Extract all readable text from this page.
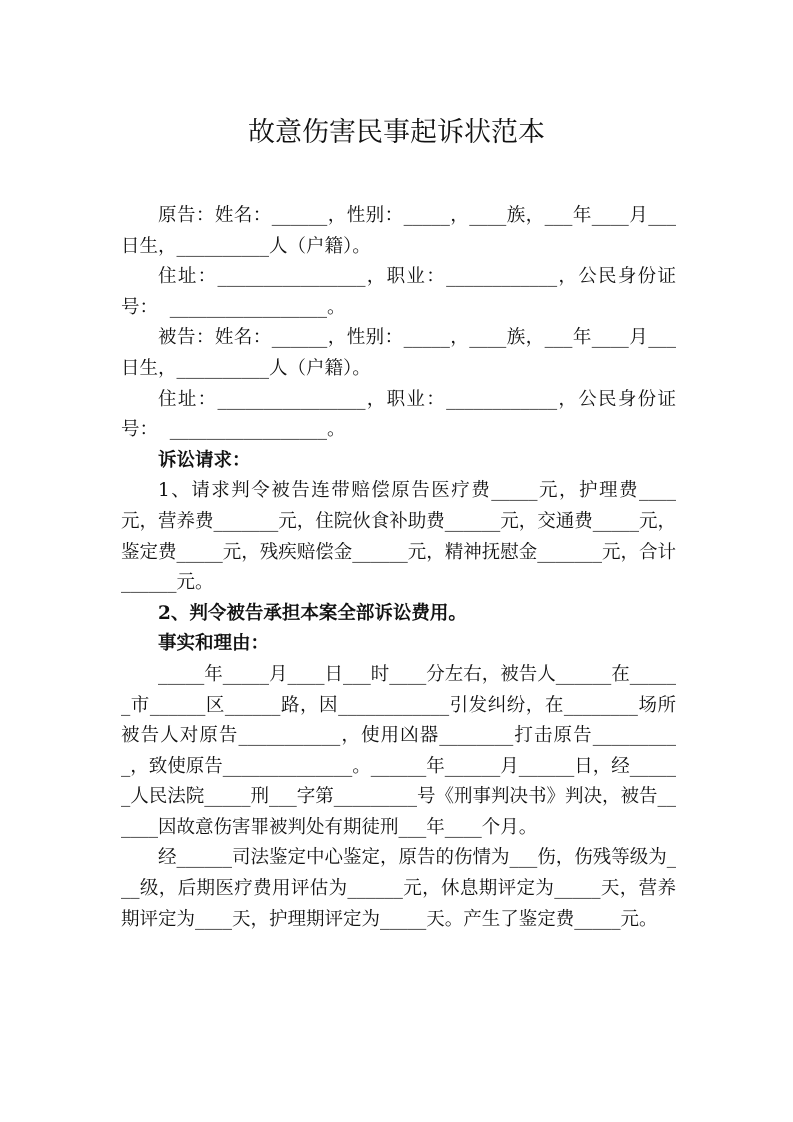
故意伤害民事起诉状范本

原告：姓名：______，性别：_____，____族，___年____月___日生，__________人（户籍）。

住址：________________，职业：____________，公民身份证号：  _________________。

被告：姓名：______，性别：_____，____族，___年____月___日生，__________人（户籍）。

住址：________________，职业：____________，公民身份证号：  _________________。

诉讼请求：

1、请求判令被告连带赔偿原告医疗费_____元，护理费____元，营养费_______元，住院伙食补助费______元，交通费_____元，鉴定费_____元，残疾赔偿金______元，精神抚慰金_______元，合计______元。

2、判令被告承担本案全部诉讼费用。

事实和理由：

_____年_____月____日___时____分左右，被告人______在______市______区______路，因____________引发纠纷，在________场所被告人对原告___________，使用凶器________打击原告__________，致使原告______________。______年______月______日，经______人民法院_____刑___字第_________号《刑事判决书》判决，被告______因故意伤害罪被判处有期徒刑___年____个月。

经______司法鉴定中心鉴定，原告的伤情为___伤，伤残等级为___级，后期医疗费用评估为______元，休息期评定为_____天，营养期评定为____天，护理期评定为_____天。产生了鉴定费_____元。
